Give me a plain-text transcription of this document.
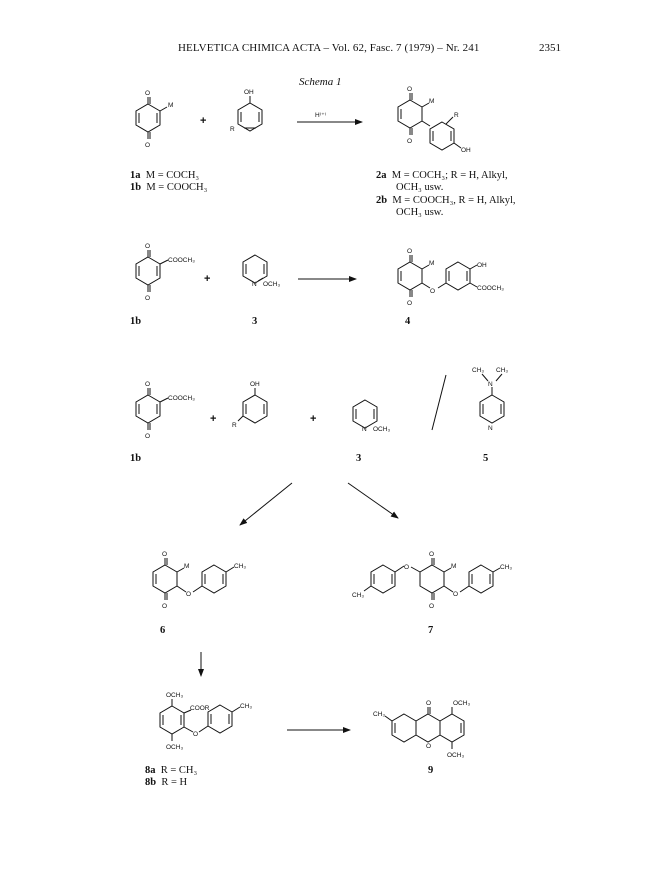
HELVETICA CHIMICA ACTA – Vol. 62, Fasc. 7 (1979) – Nr. 241	2351
Schema 1
O
O
M
OH
R
+	H⁽⁺⁾
O
O
M
R
OH
O
O
COOCH₃
+	N OCH₃
O
O
M
O
OH
COOCH₃
O
O
COOCH₃
+
OH
R
+
N OCH₃
CH₃ CH₃
N
N
O
O
M
O
CH₃
CH₃
O
O
O
M
O
CH₃
OCH₃
COOR
O
OCH₃
CH₃
CH₃
O
O
OCH₃
OCH₃
1a M = COCH₃
1b M = COOCH₃
2a M = COCH₃; R = H, Alkyl,
OCH₃ usw.
2b M = COOCH₃, R = H, Alkyl,
OCH₃ usw.
1b	3	4
1b	3	5
6	7
8a R = CH₃
8b R = H
9
